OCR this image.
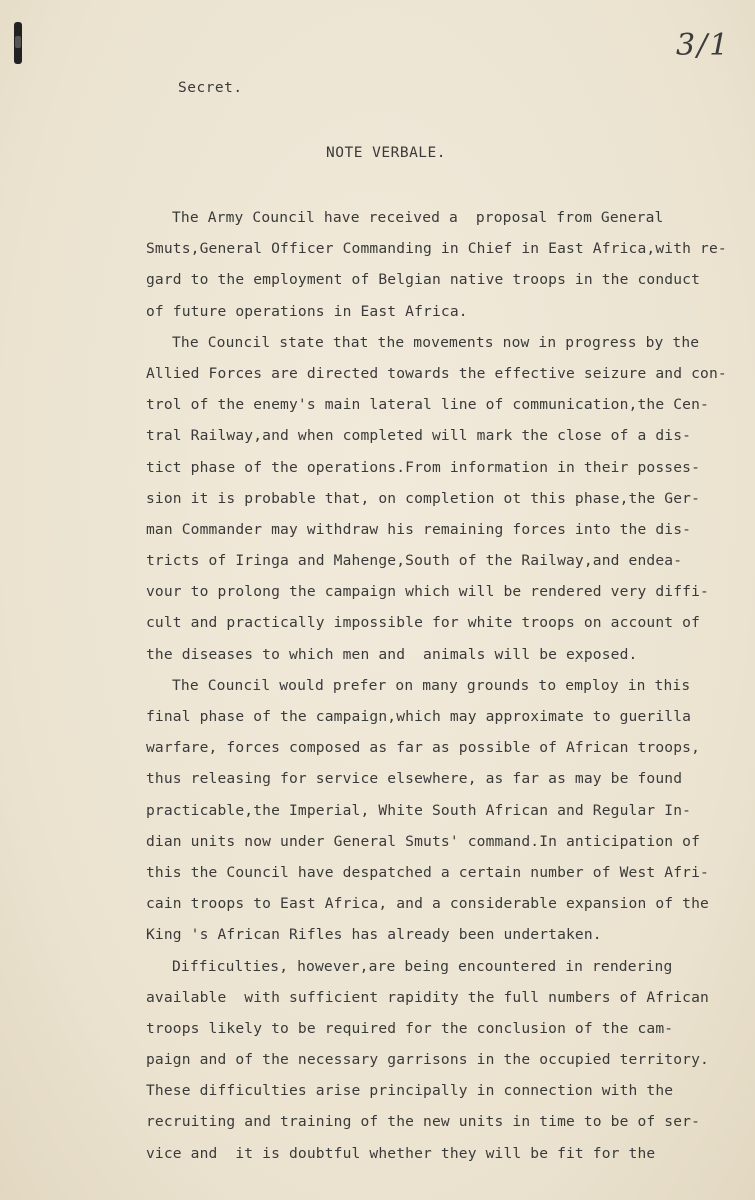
3/1
Secret.
NOTE VERBALE.
The Army Council have received a  proposal from General
Smuts,General Officer Commanding in Chief in East Africa,with re-
gard to the employment of Belgian native troops in the conduct
of future operations in East Africa.
The Council state that the movements now in progress by the
Allied Forces are directed towards the effective seizure and con-
trol of the enemy's main lateral line of communication,the Cen-
tral Railway,and when completed will mark the close of a dis-
tict phase of the operations.From information in their posses-
sion it is probable that, on completion ot this phase,the Ger-
man Commander may withdraw his remaining forces into the dis-
tricts of Iringa and Mahenge,South of the Railway,and endea-
vour to prolong the campaign which will be rendered very diffi-
cult and practically impossible for white troops on account of
the diseases to which men and  animals will be exposed.
The Council would prefer on many grounds to employ in this
final phase of the campaign,which may approximate to guerilla
warfare, forces composed as far as possible of African troops,
thus releasing for service elsewhere, as far as may be found
practicable,the Imperial, White South African and Regular In-
dian units now under General Smuts' command.In anticipation of
this the Council have despatched a certain number of West Afri-
cain troops to East Africa, and a considerable expansion of the
King 's African Rifles has already been undertaken.
Difficulties, however,are being encountered in rendering
available  with sufficient rapidity the full numbers of African
troops likely to be required for the conclusion of the cam-
paign and of the necessary garrisons in the occupied territory.
These difficulties arise principally in connection with the
recruiting and training of the new units in time to be of ser-
vice and  it is doubtful whether they will be fit for the
